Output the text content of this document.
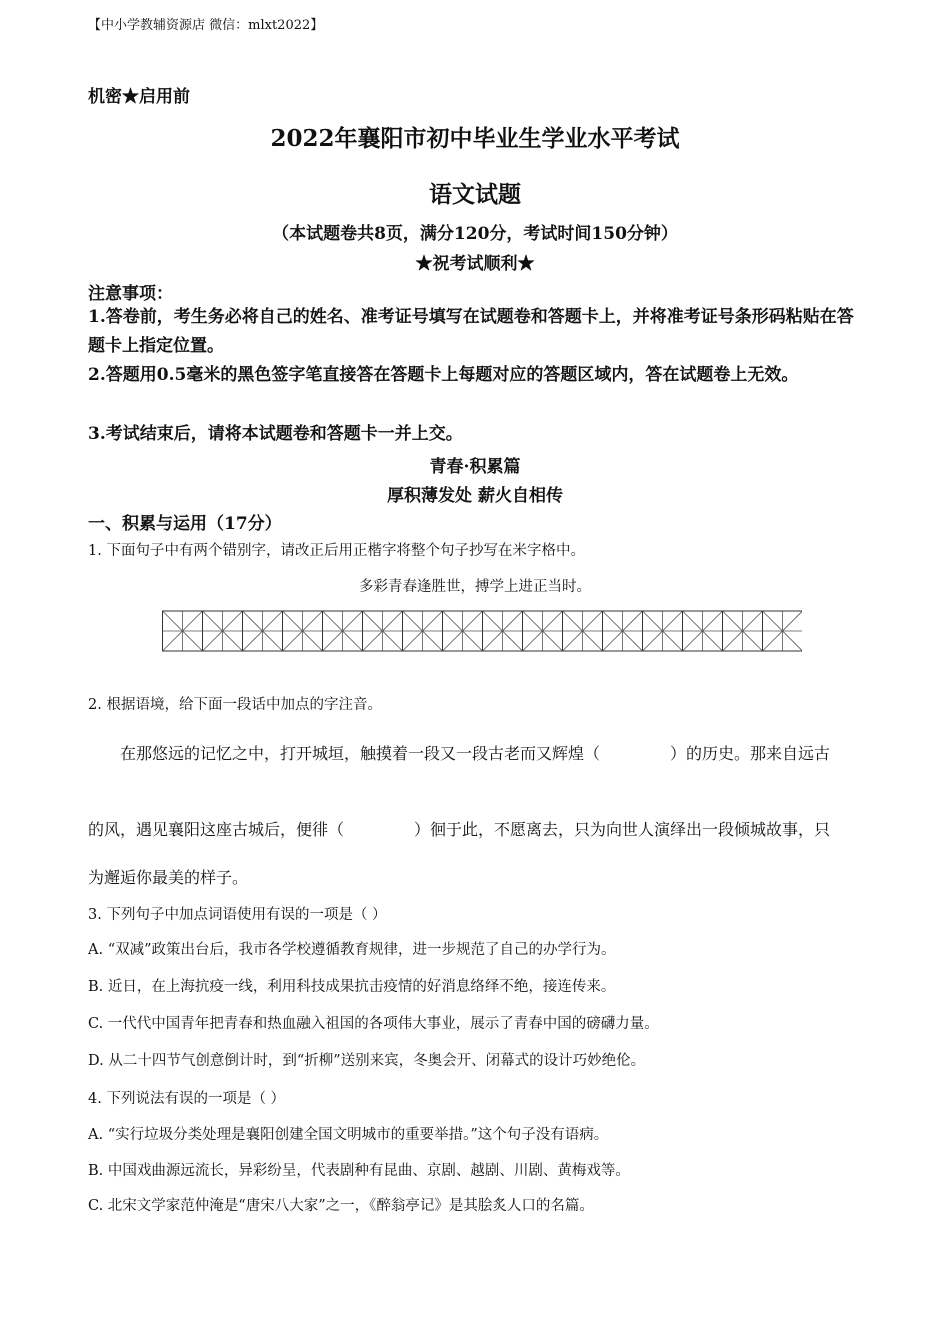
【中小学教辅资源店 微信：mlxt2022】
机密★启用前
2022年襄阳市初中毕业生学业水平考试
语文试题
（本试题卷共8页，满分120分，考试时间150分钟）
★祝考试顺利★
注意事项：
1.答卷前，考生务必将自己的姓名、准考证号填写在试题卷和答题卡上，并将准考证号条形码粘贴在答题卡上指定位置。
2.答题用0.5毫米的黑色签字笔直接答在答题卡上每题对应的答题区域内，答在试题卷上无效。
3.考试结束后，请将本试题卷和答题卡一并上交。
青春·积累篇
厚积薄发处 薪火自相传
一、积累与运用（17分）
1. 下面句子中有两个错别字，请改正后用正楷字将整个句子抄写在米字格中。
多彩青春逢胜世，搏学上进正当时。
2. 根据语境，给下面一段话中加点的字注音。
在那悠远的记忆之中，打开城垣，触摸着一段又一段古老而又辉煌（	）的历史。那来自远古
的风，遇见襄阳这座古城后，便徘（	）徊于此，不愿离去，只为向世人演绎出一段倾城故事，只
为邂逅你最美的样子。
3. 下列句子中加点词语使用有误的一项是（ ）
A. “双减”政策出台后，我市各学校遵循教育规律，进一步规范了自己的办学行为。
B. 近日，在上海抗疫一线，利用科技成果抗击疫情的好消息络绎不绝，接连传来。
C. 一代代中国青年把青春和热血融入祖国的各项伟大事业，展示了青春中国的磅礴力量。
D. 从二十四节气创意倒计时，到“折柳”送别来宾，冬奥会开、闭幕式的设计巧妙绝伦。
4. 下列说法有误的一项是（ ）
A. “实行垃圾分类处理是襄阳创建全国文明城市的重要举措。”这个句子没有语病。
B. 中国戏曲源远流长，异彩纷呈，代表剧种有昆曲、京剧、越剧、川剧、黄梅戏等。
C. 北宋文学家范仲淹是“唐宋八大家”之一，《醉翁亭记》是其脍炙人口的名篇。
